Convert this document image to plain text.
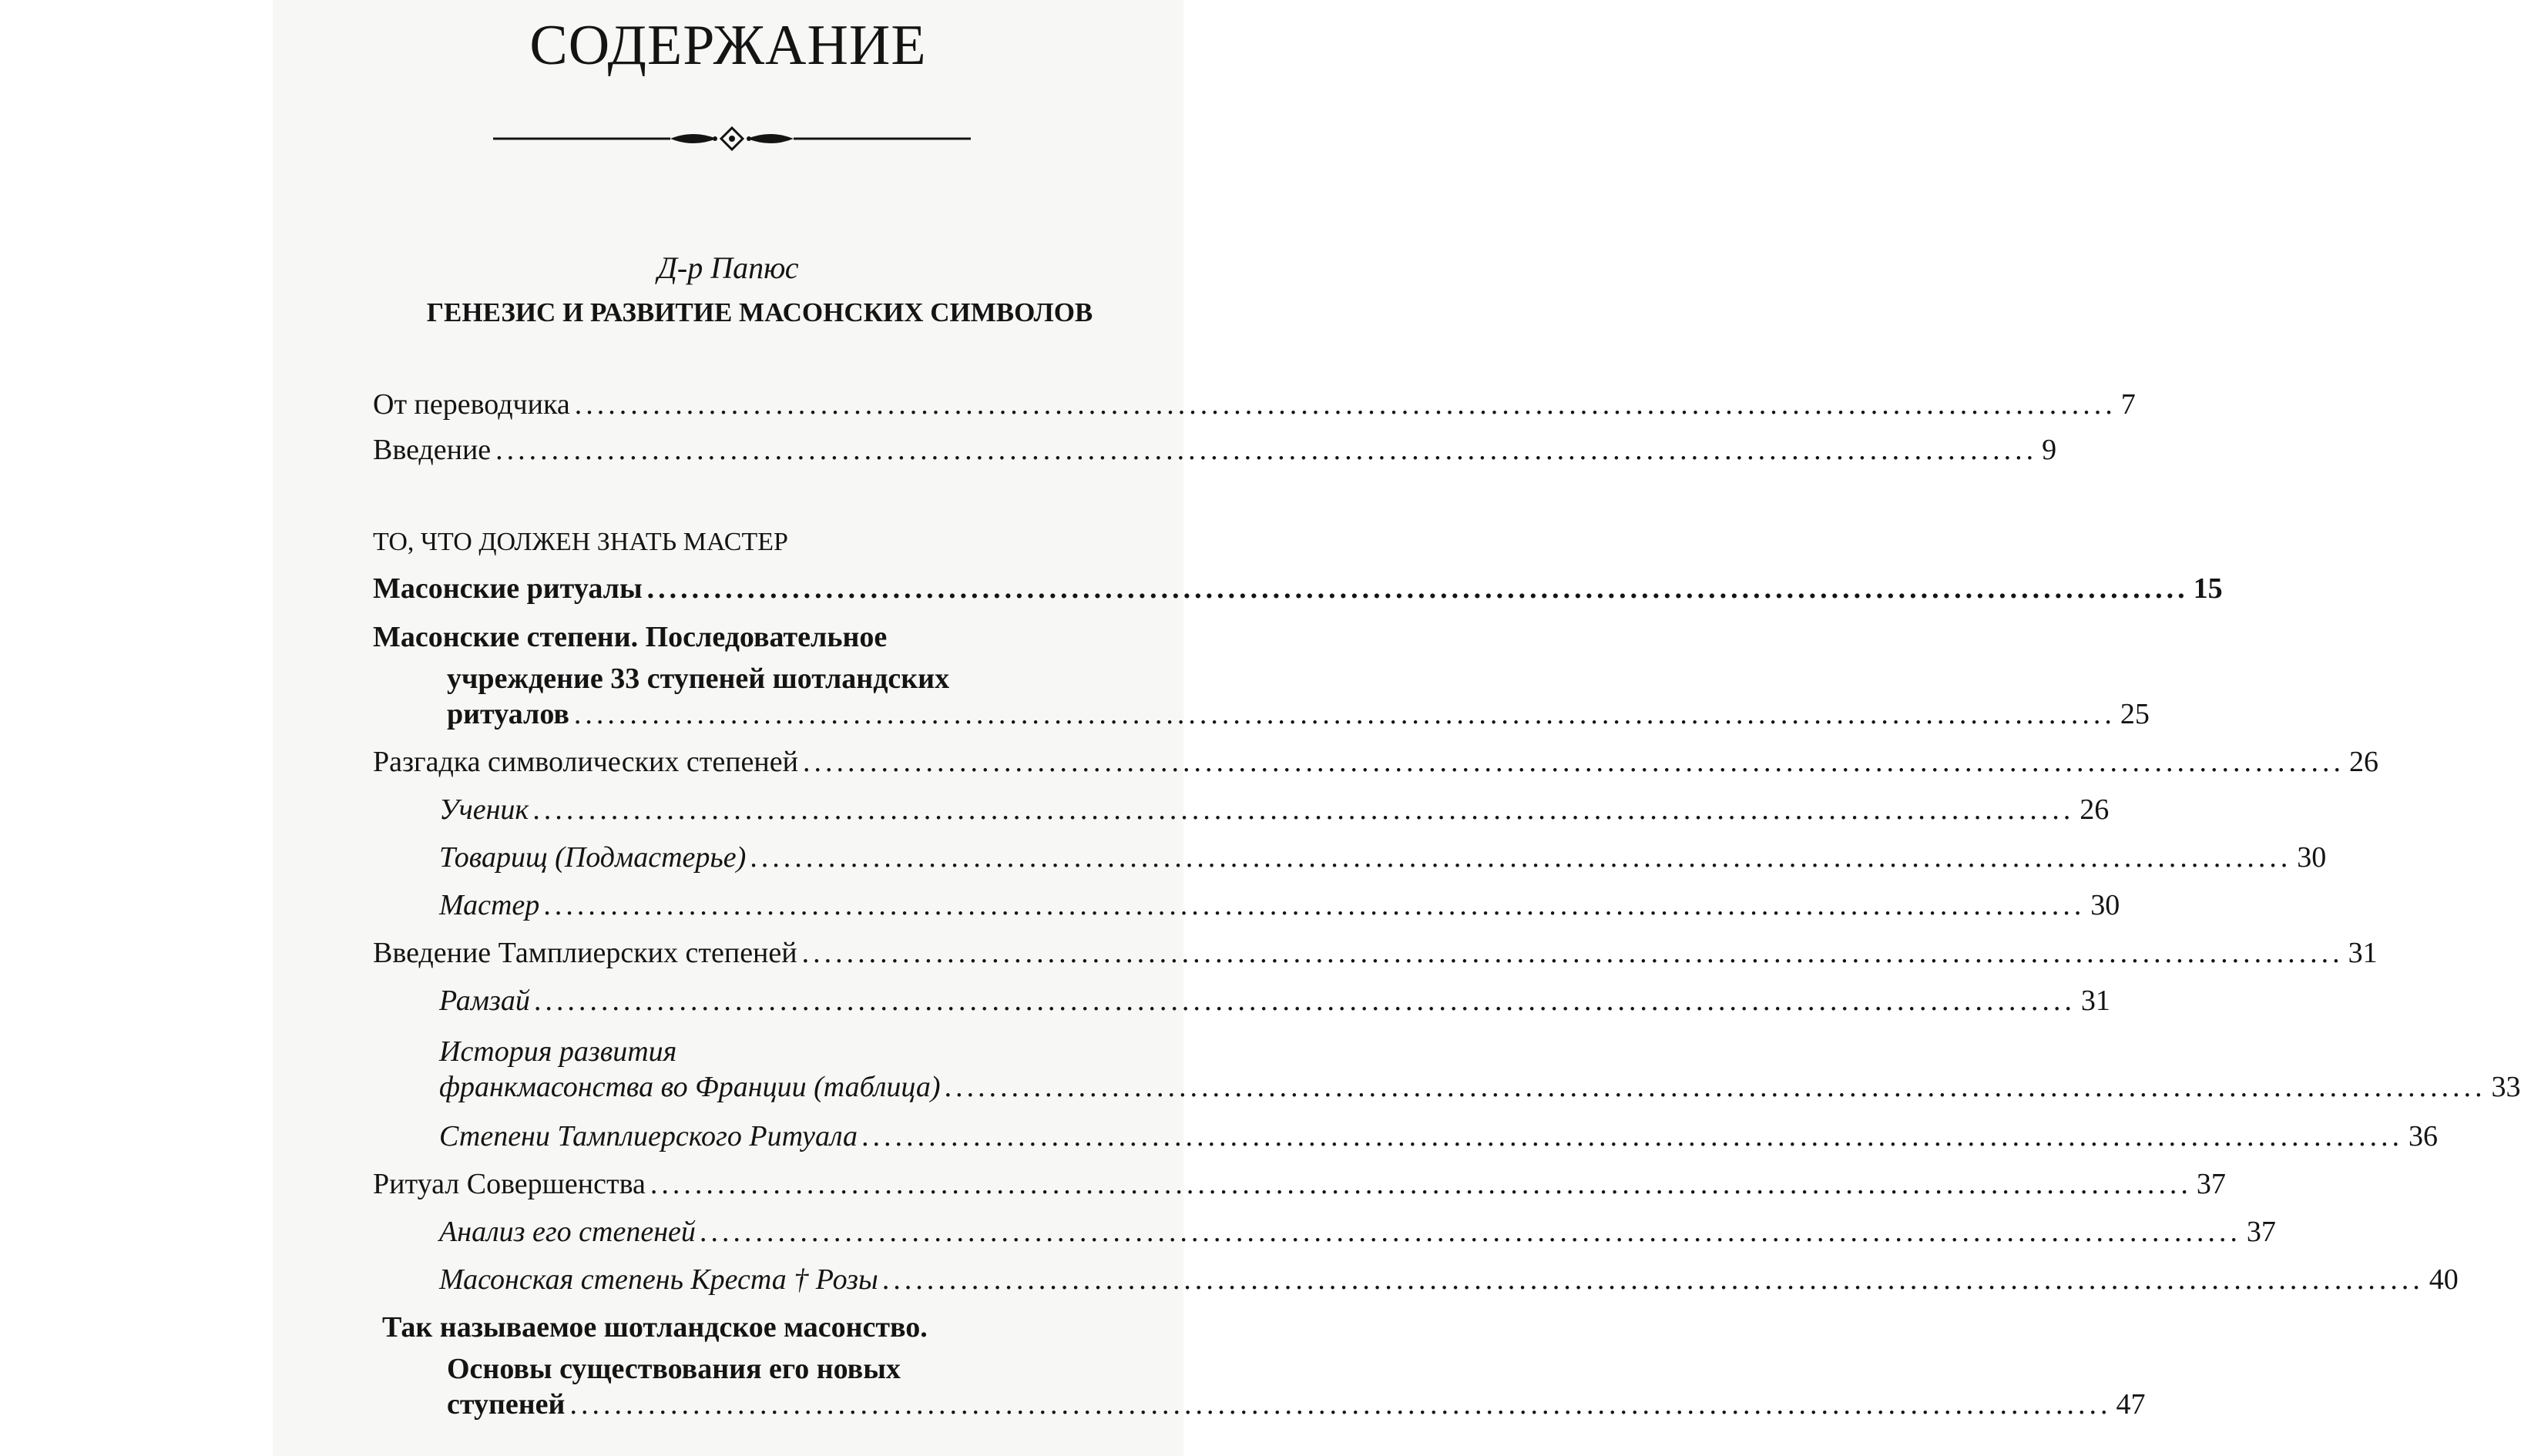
СОДЕРЖАНИЕ
Д-р Папюс
ГЕНЕЗИС И РАЗВИТИЕ МАСОНСКИХ СИМВОЛОВ
От переводчика .......................................................................................................................................... 7
Введение .......................................................................................................................................... 9
ТО, ЧТО ДОЛЖЕН ЗНАТЬ МАСТЕР
Масонские ритуалы .......................................................................................................................................... 15
Масонские степени. Последовательное
учреждение 33 ступеней шотландских
ритуалов .......................................................................................................................................... 25
Разгадка символических степеней .......................................................................................................................................... 26
Ученик .......................................................................................................................................... 26
Товарищ (Подмастерье) .......................................................................................................................................... 30
Мастер .......................................................................................................................................... 30
Введение Тамплиерских степеней .......................................................................................................................................... 31
Рамзай .......................................................................................................................................... 31
История развития
франкмасонства во Франции (таблица) .......................................................................................................................................... 33
Степени Тамплиерского Ритуала .......................................................................................................................................... 36
Ритуал Совершенства .......................................................................................................................................... 37
Анализ его степеней .......................................................................................................................................... 37
Масонская степень Креста † Розы .......................................................................................................................................... 40
Так называемое шотландское масонство.
Основы существования его новых
ступеней .......................................................................................................................................... 47
